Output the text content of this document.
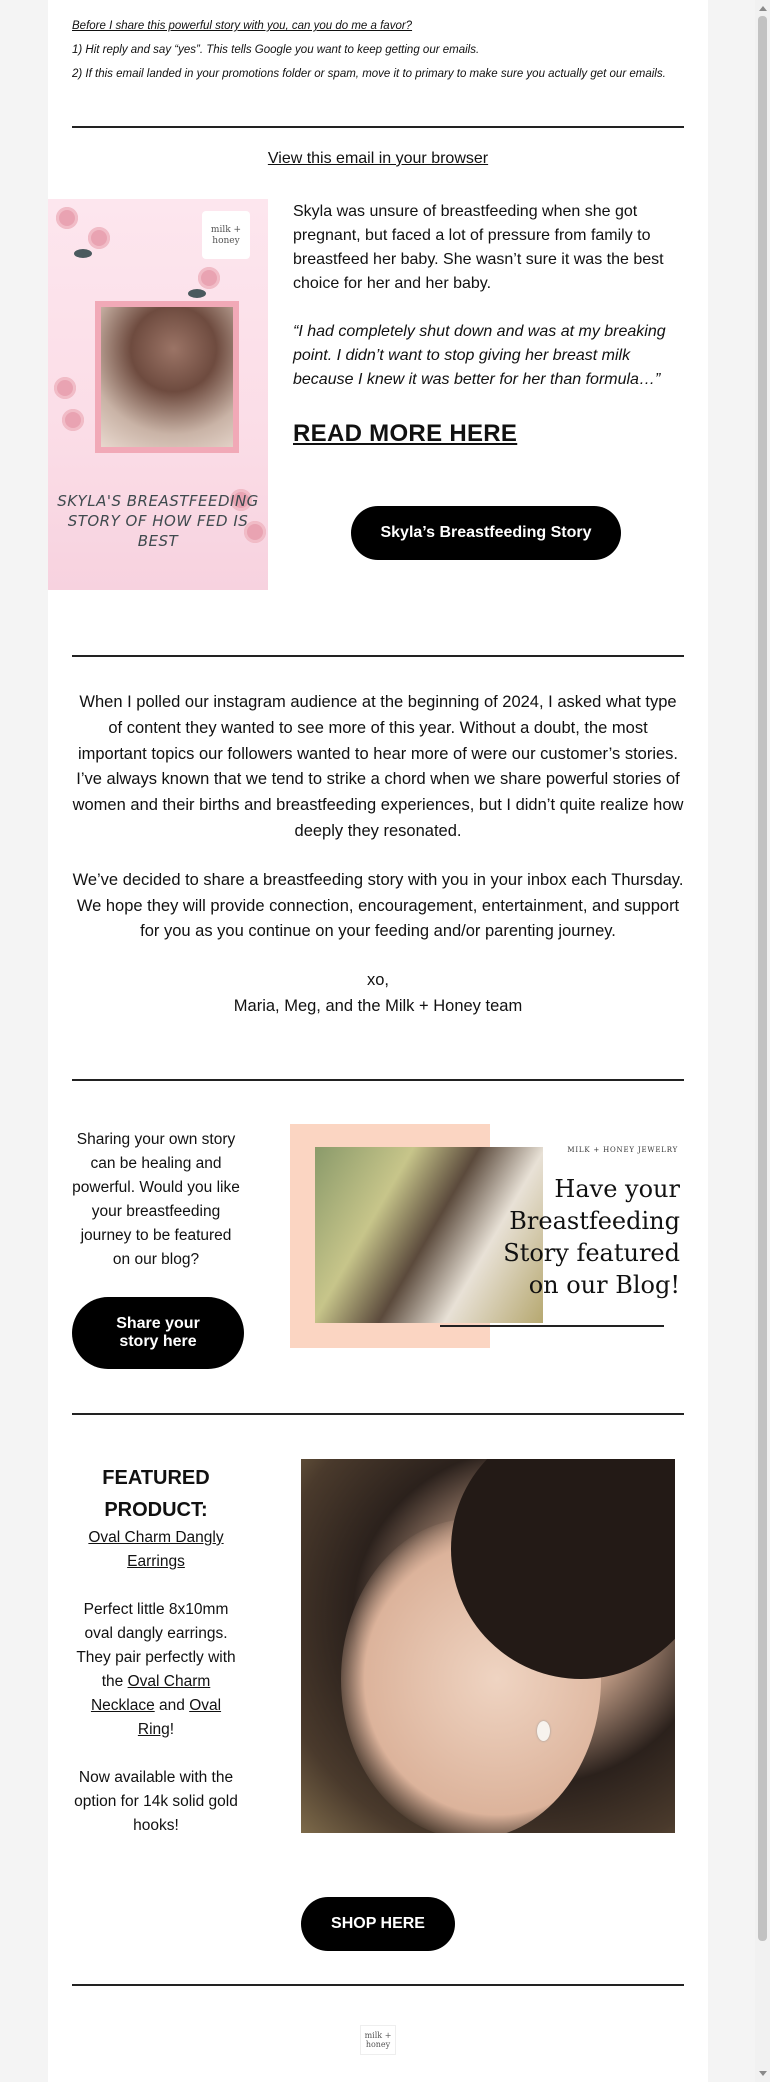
Before I share this powerful story with you, can you do me a favor?
1) Hit reply and say “yes”. This tells Google you want to keep getting our emails.
2) If this email landed in your promotions folder or spam, move it to primary to make sure you actually get our emails.
View this email in your browser
milk + honey
SKYLA'S BREASTFEEDING STORY OF HOW FED IS BEST

Skyla was unsure of breastfeeding when she got pregnant, but faced a lot of pressure from family to breastfeed her baby. She wasn’t sure it was the best choice for her and her baby.

“I had completely shut down and was at my breaking point. I didn’t want to stop giving her breast milk because I knew it was better for her than formula…”

READ MORE HERE
Skyla’s Breastfeeding Story

When I polled our instagram audience at the beginning of 2024, I asked what type of content they wanted to see more of this year. Without a doubt, the most important topics our followers wanted to hear more of were our customer’s stories. I’ve always known that we tend to strike a chord when we share powerful stories of women and their births and breastfeeding experiences, but I didn’t quite realize how deeply they resonated.

We’ve decided to share a breastfeeding story with you in your inbox each Thursday. We hope they will provide connection, encouragement, entertainment, and support for you as you continue on your feeding and/or parenting journey.

xo,
Maria, Meg, and the Milk + Honey team
Sharing your own story can be healing and powerful. Would you like your breastfeeding journey to be featured on our blog?
Share your story here
MILK + HONEY JEWELRY
Have your Breastfeeding Story featured on our Blog!
FEATURED PRODUCT:

Oval Charm Dangly Earrings

Perfect little 8x10mm oval dangly earrings. They pair perfectly with the Oval Charm Necklace and Oval Ring!

Now available with the option for 14k solid gold hooks!

SHOP HERE
milk + honey
